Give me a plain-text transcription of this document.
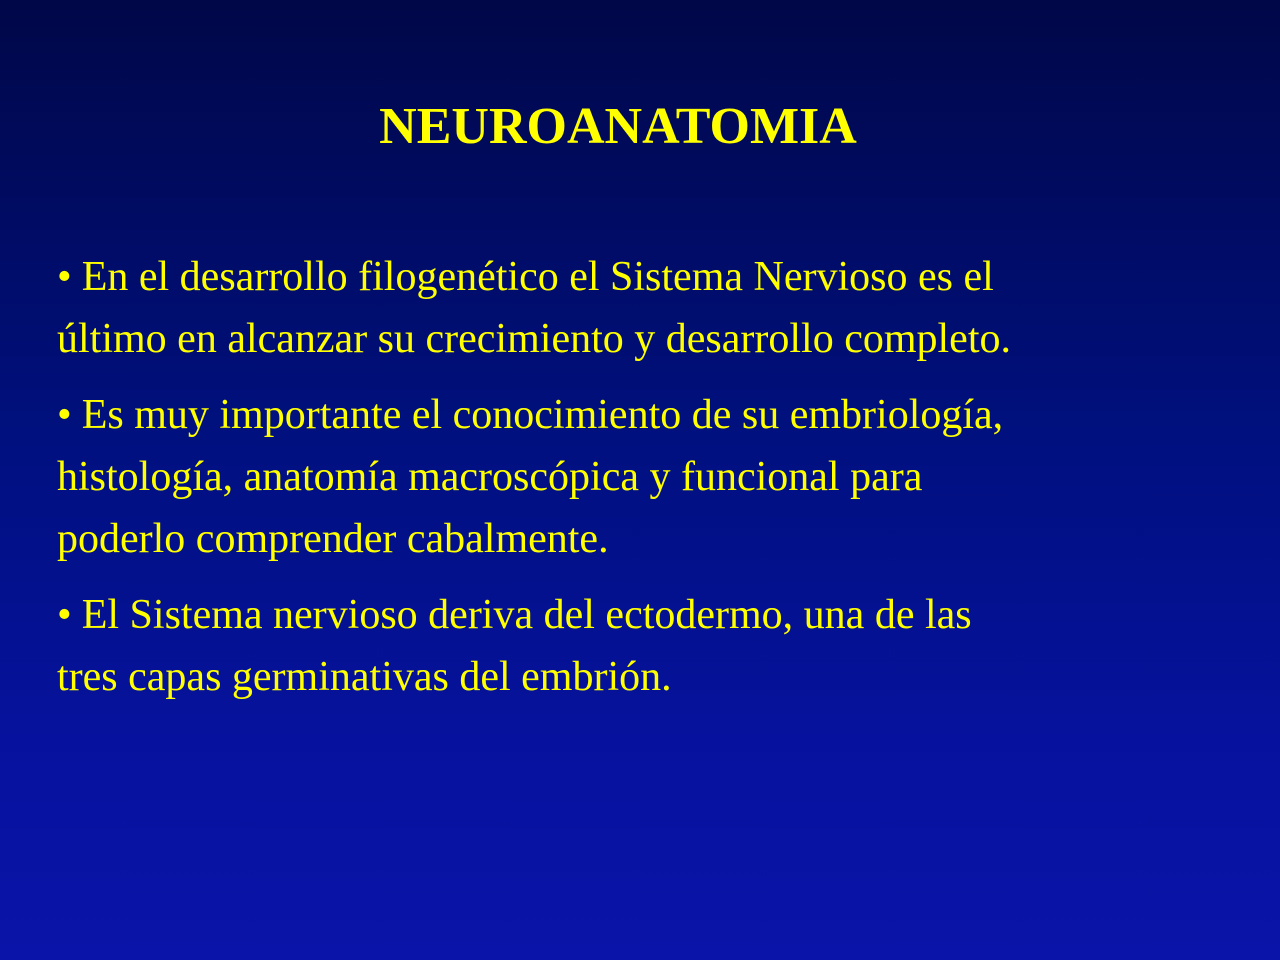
NEUROANATOMIA
• En el desarrollo filogenético el Sistema Nervioso es el
último en alcanzar su crecimiento y desarrollo completo.
• Es muy importante el conocimiento de su embriología,
histología, anatomía macroscópica y funcional para
poderlo comprender cabalmente.
• El Sistema nervioso deriva del ectodermo, una de las
tres capas germinativas del embrión.
